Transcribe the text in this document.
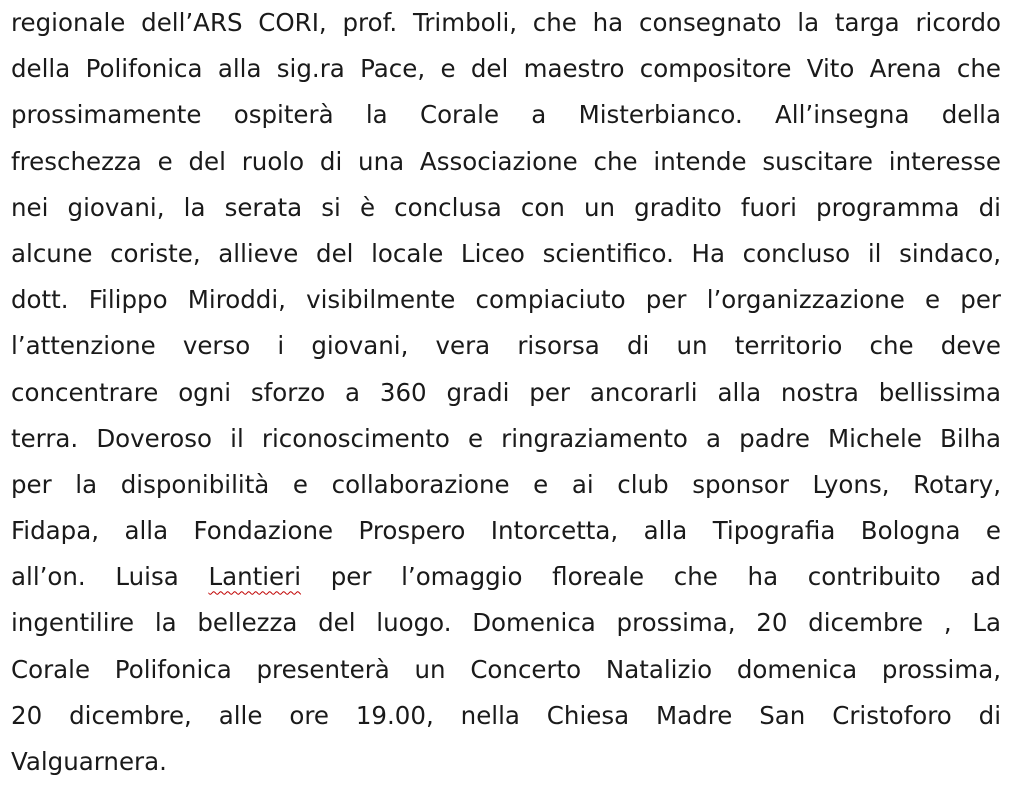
regionale dell’ARS CORI, prof. Trimboli, che ha consegnato la targa ricordo
della Polifonica alla sig.ra Pace, e del maestro compositore Vito Arena che
prossimamente ospiterà la Corale a Misterbianco. All’insegna della
freschezza e del ruolo di una Associazione che intende suscitare interesse
nei giovani, la serata si è conclusa con un gradito fuori programma di
alcune coriste, allieve del locale Liceo scientifico. Ha concluso il sindaco,
dott. Filippo Miroddi, visibilmente compiaciuto per l’organizzazione e per
l’attenzione verso i giovani, vera risorsa di un territorio che deve
concentrare ogni sforzo a 360 gradi per ancorarli alla nostra bellissima
terra. Doveroso il riconoscimento e ringraziamento a padre Michele Bilha
per la disponibilità e collaborazione e ai club sponsor Lyons, Rotary,
Fidapa, alla Fondazione Prospero Intorcetta, alla Tipografia Bologna e
all’on. Luisa Lantieri per l’omaggio floreale che ha contribuito ad
ingentilire la bellezza del luogo. Domenica prossima, 20 dicembre , La
Corale Polifonica presenterà un Concerto Natalizio domenica prossima,
20 dicembre, alle ore 19.00, nella Chiesa Madre San Cristoforo di
Valguarnera.
